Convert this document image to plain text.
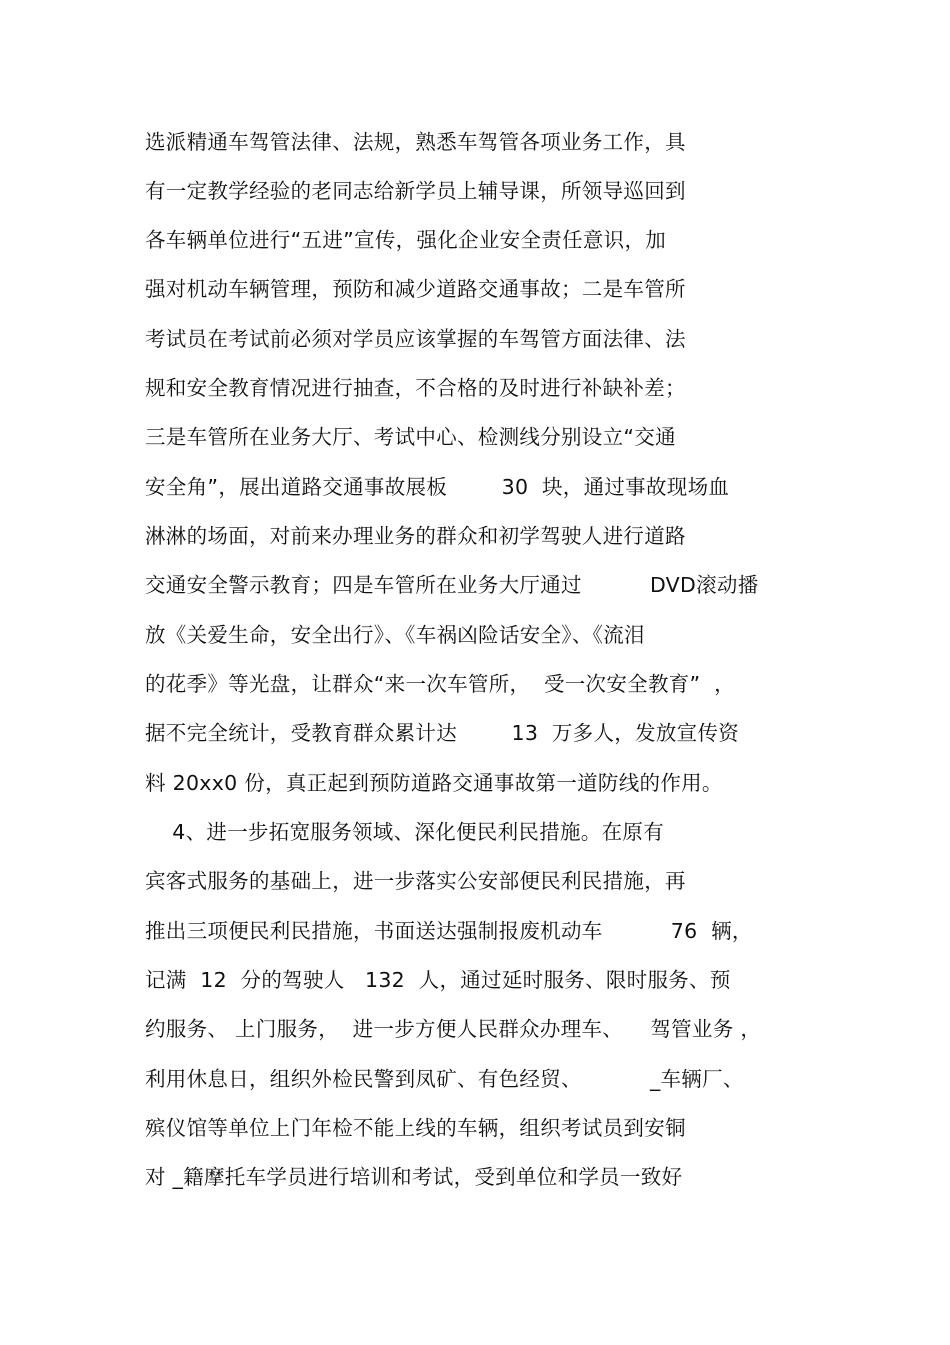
选派精通车驾管法律、法规，熟悉车驾管各项业务工作，具
有一定教学经验的老同志给新学员上辅导课，所领导巡回到
各车辆单位进行“五进”宣传，强化企业安全责任意识，加
强对机动车辆管理，预防和减少道路交通事故；二是车管所
考试员在考试前必须对学员应该掌握的车驾管方面法律、法
规和安全教育情况进行抽查，不合格的及时进行补缺补差；
三是车管所在业务大厅、考试中心、检测线分别设立“交通
安全角”，展出道路交通事故展板        30  块，通过事故现场血
淋淋的场面，对前来办理业务的群众和初学驾驶人进行道路
交通安全警示教育；四是车管所在业务大厅通过          DVD滚动播
放《关爱生命，安全出行》、《车祸凶险话安全》、《流泪
的花季》等光盘，让群众“来一次车管所，  受一次安全教育”  ，
据不完全统计，受教育群众累计达        13  万多人，发放宣传资
料 20xx0 份，真正起到预防道路交通事故第一道防线的作用。
4、进一步拓宽服务领域、深化便民利民措施。在原有
宾客式服务的基础上，进一步落实公安部便民利民措施，再
推出三项便民利民措施，书面送达强制报废机动车          76  辆，
记满  12  分的驾驶人   132  人，通过延时服务、限时服务、预
约服务、 上门服务，  进一步方便人民群众办理车、    驾管业务 ，
利用休息日，组织外检民警到凤矿、有色经贸、          _车辆厂、
殡仪馆等单位上门年检不能上线的车辆，组织考试员到安铜
对 _籍摩托车学员进行培训和考试，受到单位和学员一致好
